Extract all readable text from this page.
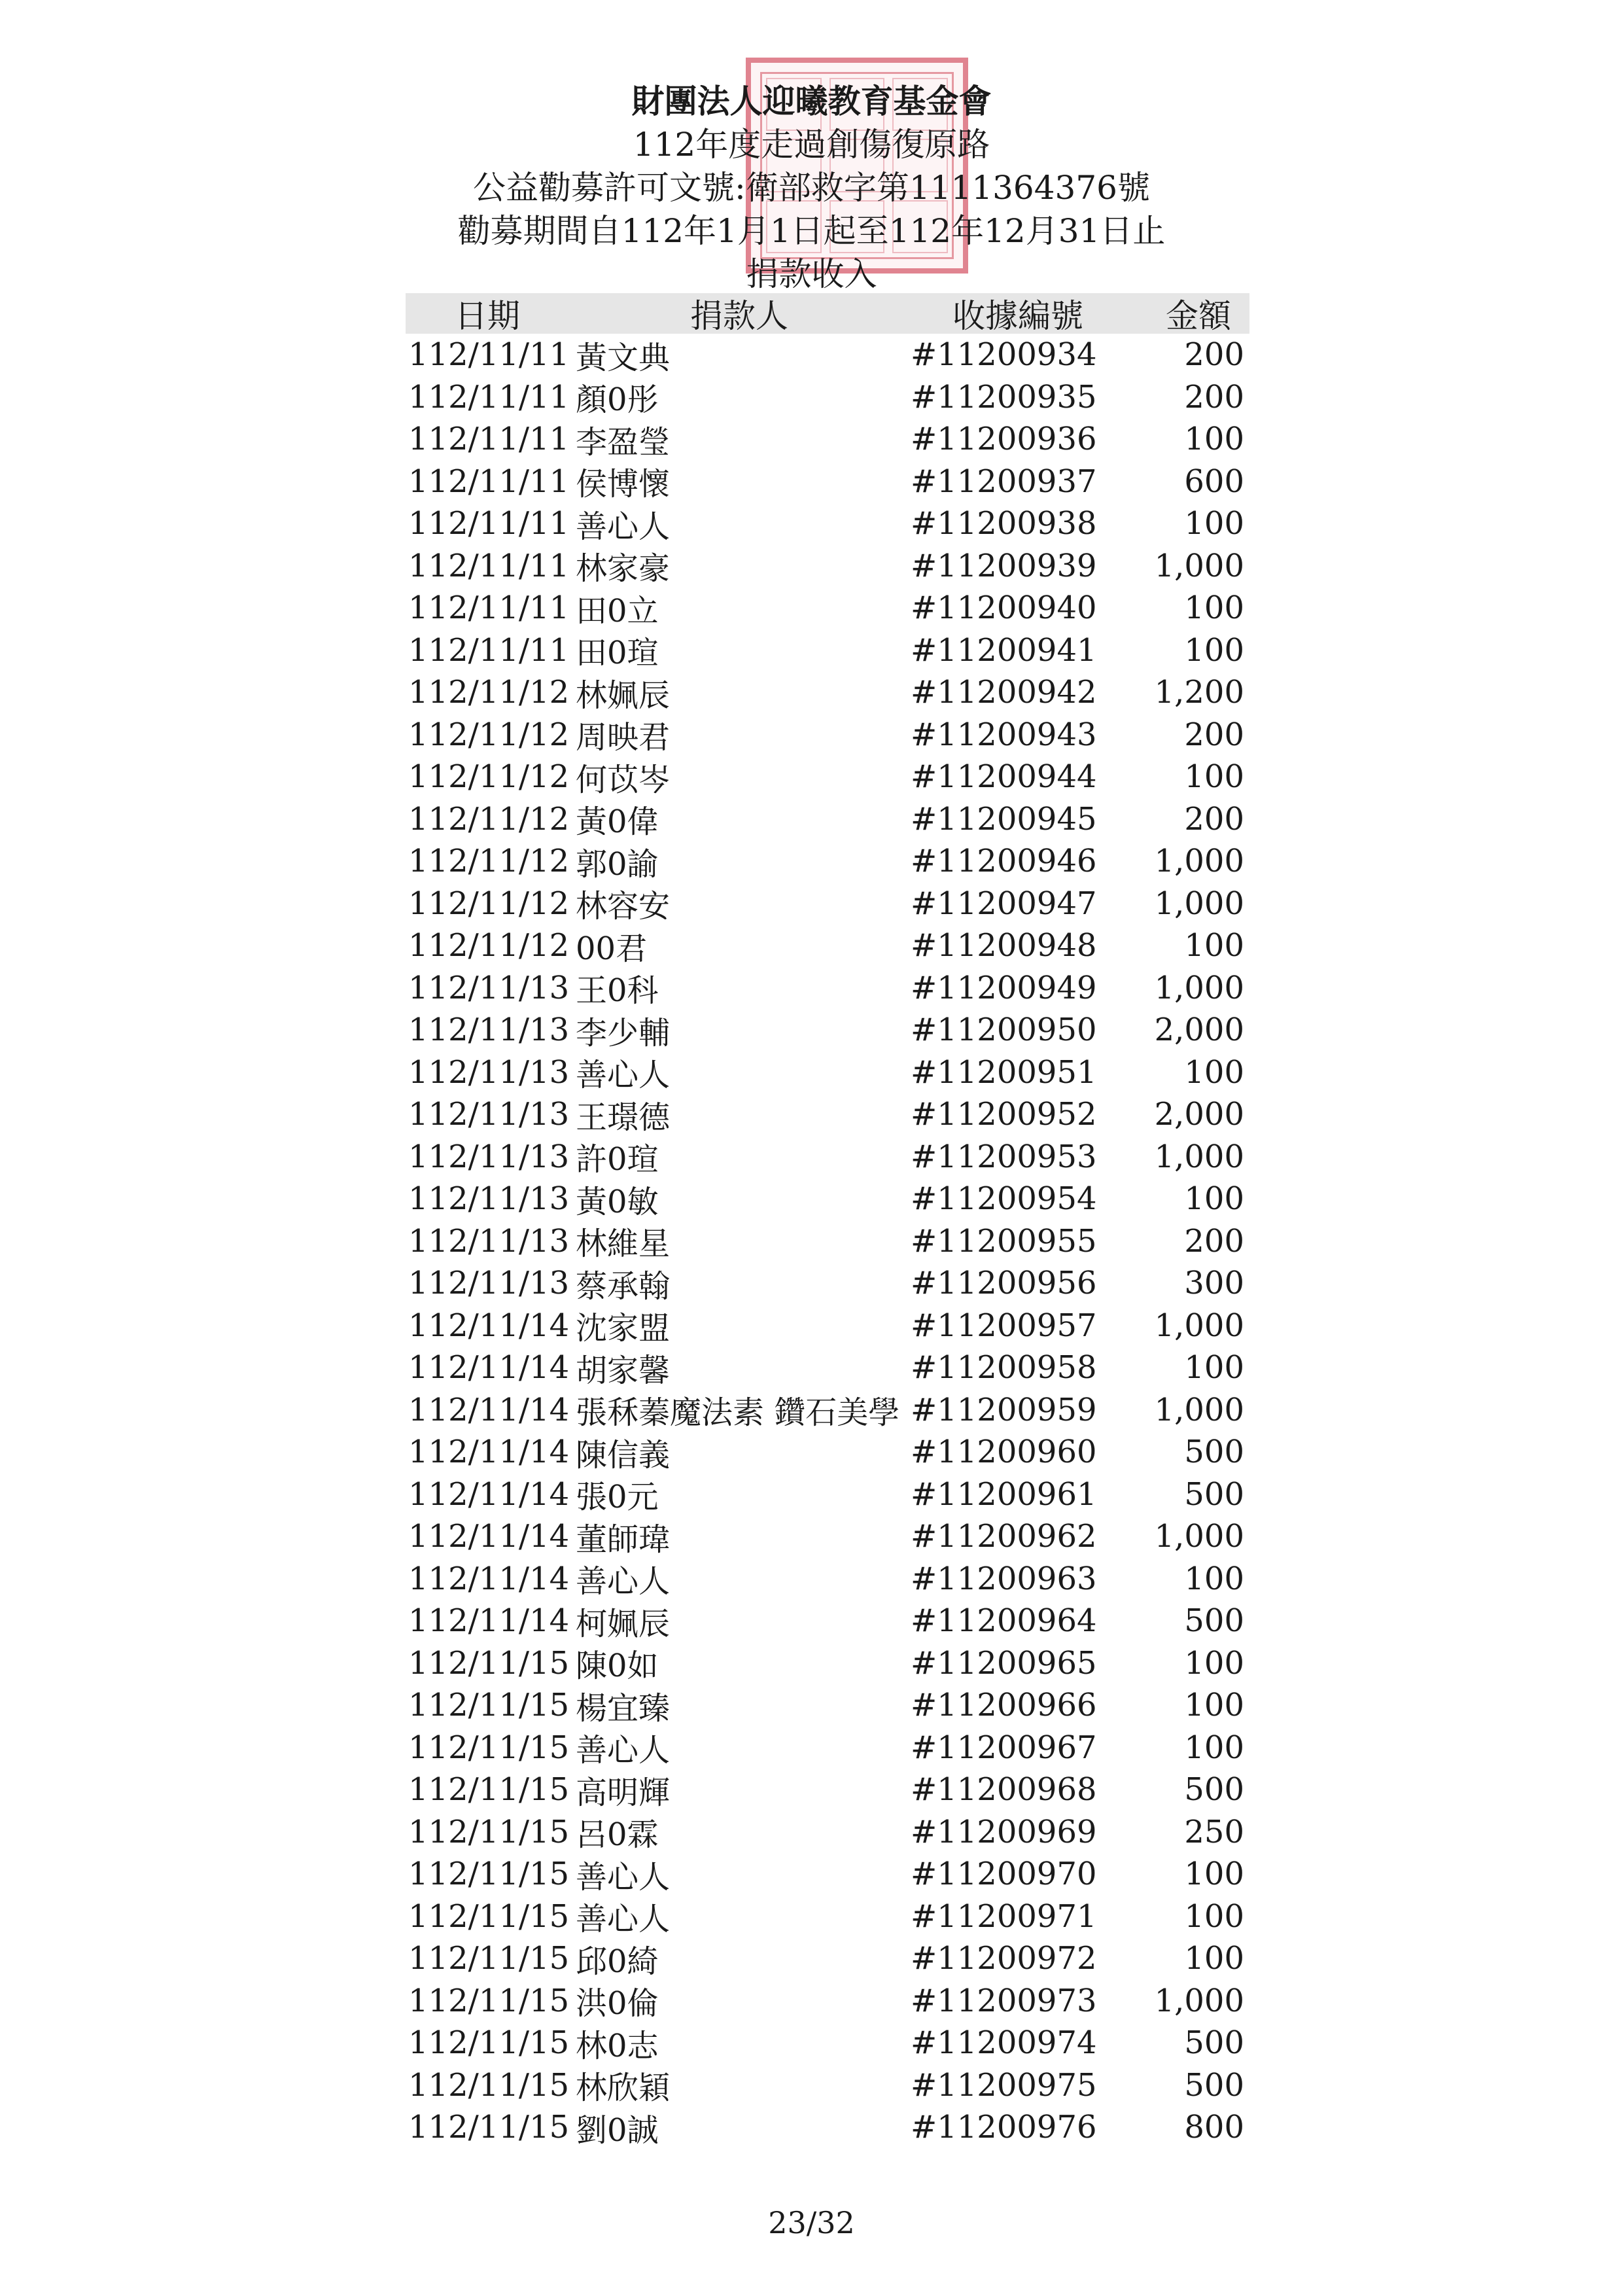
財團法人迎曦教育基金會
112年度走過創傷復原路
公益勸募許可文號:衛部救字第1111364376號
勸募期間自112年1月1日起至112年12月31日止
捐款收入
日期	捐款人	收據編號	金額
112/11/11 黃文典	#11200934	200
112/11/11 顏0彤	#11200935	200
112/11/11 李盈瑩	#11200936	100
112/11/11 侯博懷	#11200937	600
112/11/11 善心人	#11200938	100
112/11/11 林家豪	#11200939	1,000
112/11/11 田0立	#11200940	100
112/11/11 田0瑄	#11200941	100
112/11/12 林姵辰	#11200942	1,200
112/11/12 周映君	#11200943	200
112/11/12 何苡岑	#11200944	100
112/11/12 黃0偉	#11200945	200
112/11/12 郭0諭	#11200946	1,000
112/11/12 林容安	#11200947	1,000
112/11/12 00君	#11200948	100
112/11/13 王0科	#11200949	1,000
112/11/13 李少輔	#11200950	2,000
112/11/13 善心人	#11200951	100
112/11/13 王璟德	#11200952	2,000
112/11/13 許0瑄	#11200953	1,000
112/11/13 黃0敏	#11200954	100
112/11/13 林維星	#11200955	200
112/11/13 蔡承翰	#11200956	300
112/11/14 沈家盟	#11200957	1,000
112/11/14 胡家馨	#11200958	100
112/11/14 張秝蓁魔法素 鑽石美學 #11200959	1,000
112/11/14 陳信義	#11200960	500
112/11/14 張0元	#11200961	500
112/11/14 董師瑋	#11200962	1,000
112/11/14 善心人	#11200963	100
112/11/14 柯姵辰	#11200964	500
112/11/15 陳0如	#11200965	100
112/11/15 楊宜臻	#11200966	100
112/11/15 善心人	#11200967	100
112/11/15 高明輝	#11200968	500
112/11/15 呂0霖	#11200969	250
112/11/15 善心人	#11200970	100
112/11/15 善心人	#11200971	100
112/11/15 邱0綺	#11200972	100
112/11/15 洪0倫	#11200973	1,000
112/11/15 林0志	#11200974	500
112/11/15 林欣穎	#11200975	500
112/11/15 劉0誠	#11200976	800
23/32
